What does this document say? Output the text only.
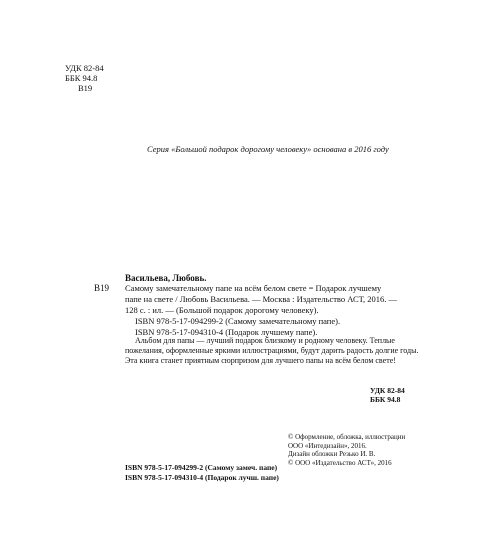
УДК 82-84
ББК 94.8
В19
Серия «Большой подарок дорогому человеку» основана в 2016 году
Васильева, Любовь.
В19 Самому замечательному папе на всём белом свете = Подарок лучшему
папе на свете / Любовь Васильева. — Москва : Издательство АСТ, 2016. —
128 с. : ил. — (Большой подарок дорогому человеку).
ISBN 978-5-17-094299-2 (Самому замечательному папе).
ISBN 978-5-17-094310-4 (Подарок лучшему папе).
Альбом для папы — лучший подарок близкому и родному человеку. Теплые
пожелания, оформленные яркими иллюстрациями, будут дарить радость долгие годы.
Эта книга станет приятным сюрпризом для лучшего папы на всём белом свете!
УДК 82-84
ББК 94.8
© Оформление, обложка, иллюстрации
ООО «Интедизайн», 2016.
Дизайн обложки Резько И. В.
© ООО «Издательство АСТ», 2016
ISBN 978-5-17-094299-2 (Самому замеч. папе)
ISBN 978-5-17-094310-4 (Подарок лучш. папе)
